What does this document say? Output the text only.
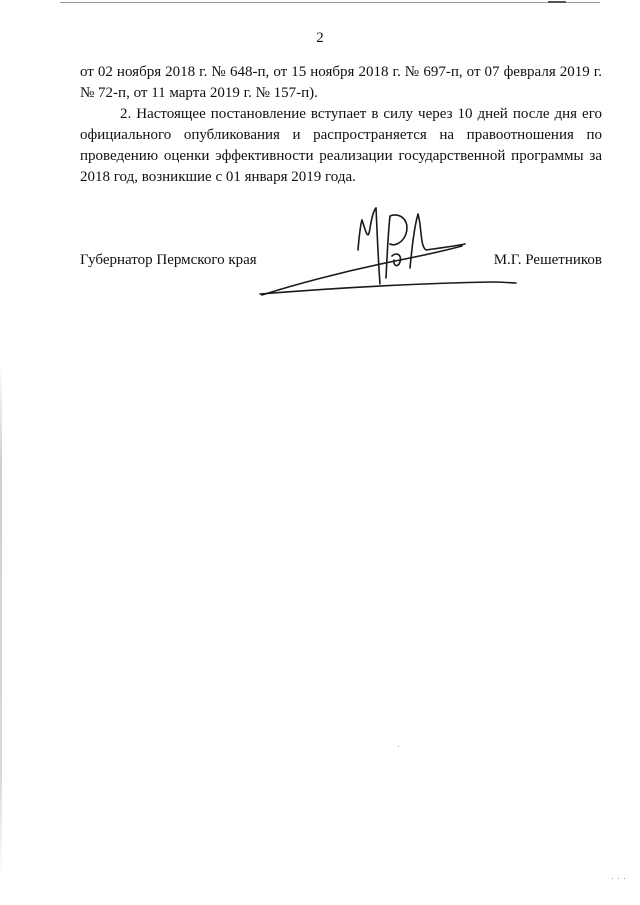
2

от 02 ноября 2018 г. № 648-п, от 15 ноября 2018 г. № 697-п, от 07 февраля 2019 г. № 72-п, от 11 марта 2019 г. № 157-п).

2. Настоящее постановление вступает в силу через 10 дней после дня его официального опубликования и распространяется на правоотношения по проведению оценки эффективности реализации государственной программы за 2018 год, возникшие с 01 января 2019 года.

Губернатор Пермского края	М.Г. Решетников
